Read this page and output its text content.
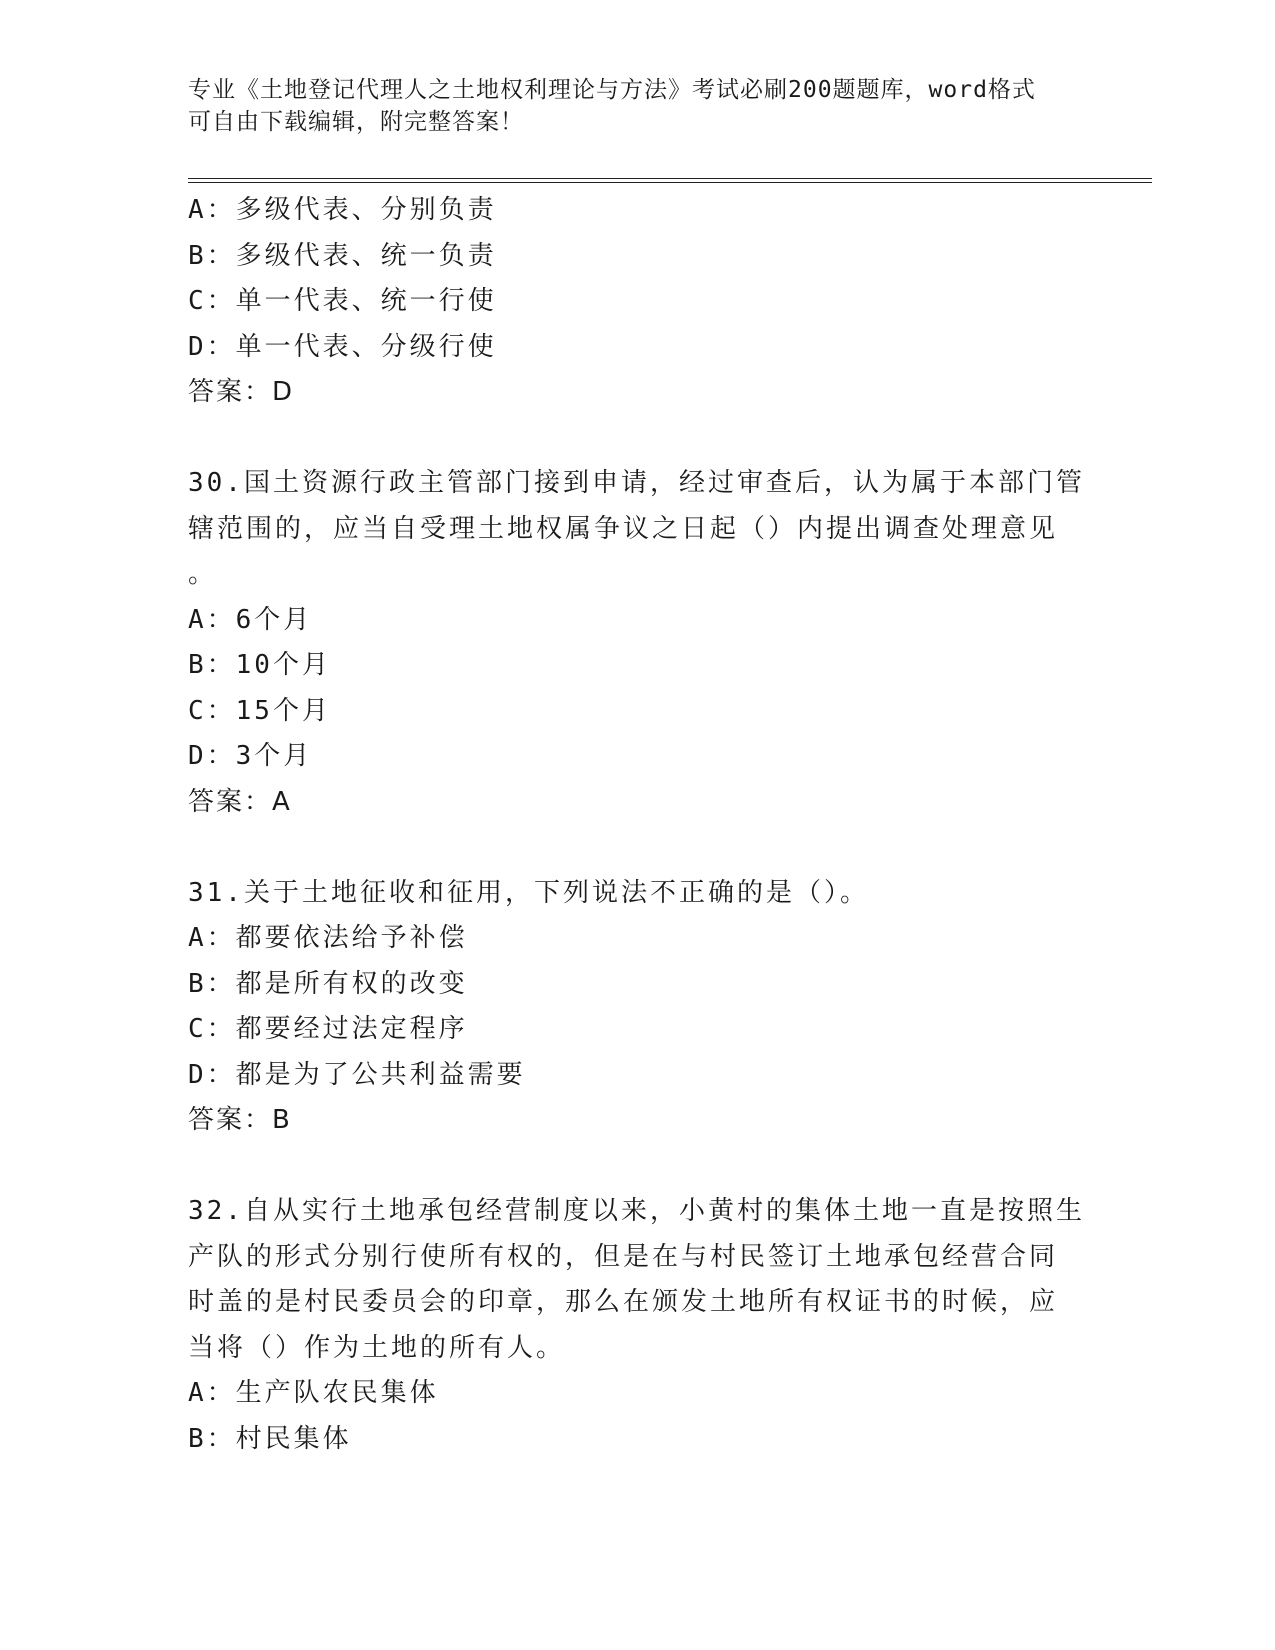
专业《土地登记代理人之土地权利理论与方法》考试必刷200题题库，word格式
可自由下载编辑，附完整答案！
A：多级代表、分别负责
B：多级代表、统一负责
C：单一代表、统一行使
D：单一代表、分级行使
答案：D
30.国土资源行政主管部门接到申请，经过审查后，认为属于本部门管
辖范围的，应当自受理土地权属争议之日起（）内提出调查处理意见
。
A：6个月
B：10个月
C：15个月
D：3个月
答案：A
31.关于土地征收和征用，下列说法不正确的是（）。
A：都要依法给予补偿
B：都是所有权的改变
C：都要经过法定程序
D：都是为了公共利益需要
答案：B
32.自从实行土地承包经营制度以来，小黄村的集体土地一直是按照生
产队的形式分别行使所有权的，但是在与村民签订土地承包经营合同
时盖的是村民委员会的印章，那么在颁发土地所有权证书的时候，应
当将（）作为土地的所有人。
A：生产队农民集体
B：村民集体
